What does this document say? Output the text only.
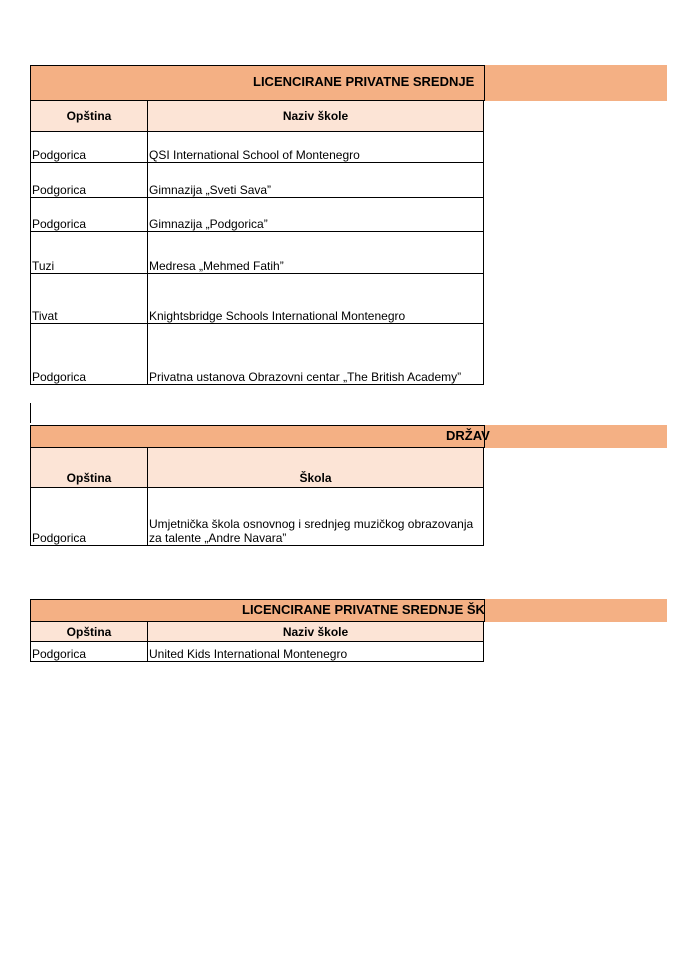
LICENCIRANE PRIVATNE SREDNJE
Opština	Naziv škole
Podgorica	QSI International School of Montenegro
Podgorica	Gimnazija „Sveti Sava”
Podgorica	Gimnazija „Podgorica”
Tuzi	Medresa „Mehmed Fatih”
Tivat	Knightsbridge Schools International Montenegro
Podgorica	Privatna ustanova Obrazovni centar „The British Academy”
DRŽAV
Opština	Škola
Podgorica	Umjetnička škola osnovnog i srednjeg muzičkog obrazovanja za talente „Andre Navara”
LICENCIRANE PRIVATNE SREDNJE ŠK
Opština	Naziv škole
Podgorica	United Kids International Montenegro
